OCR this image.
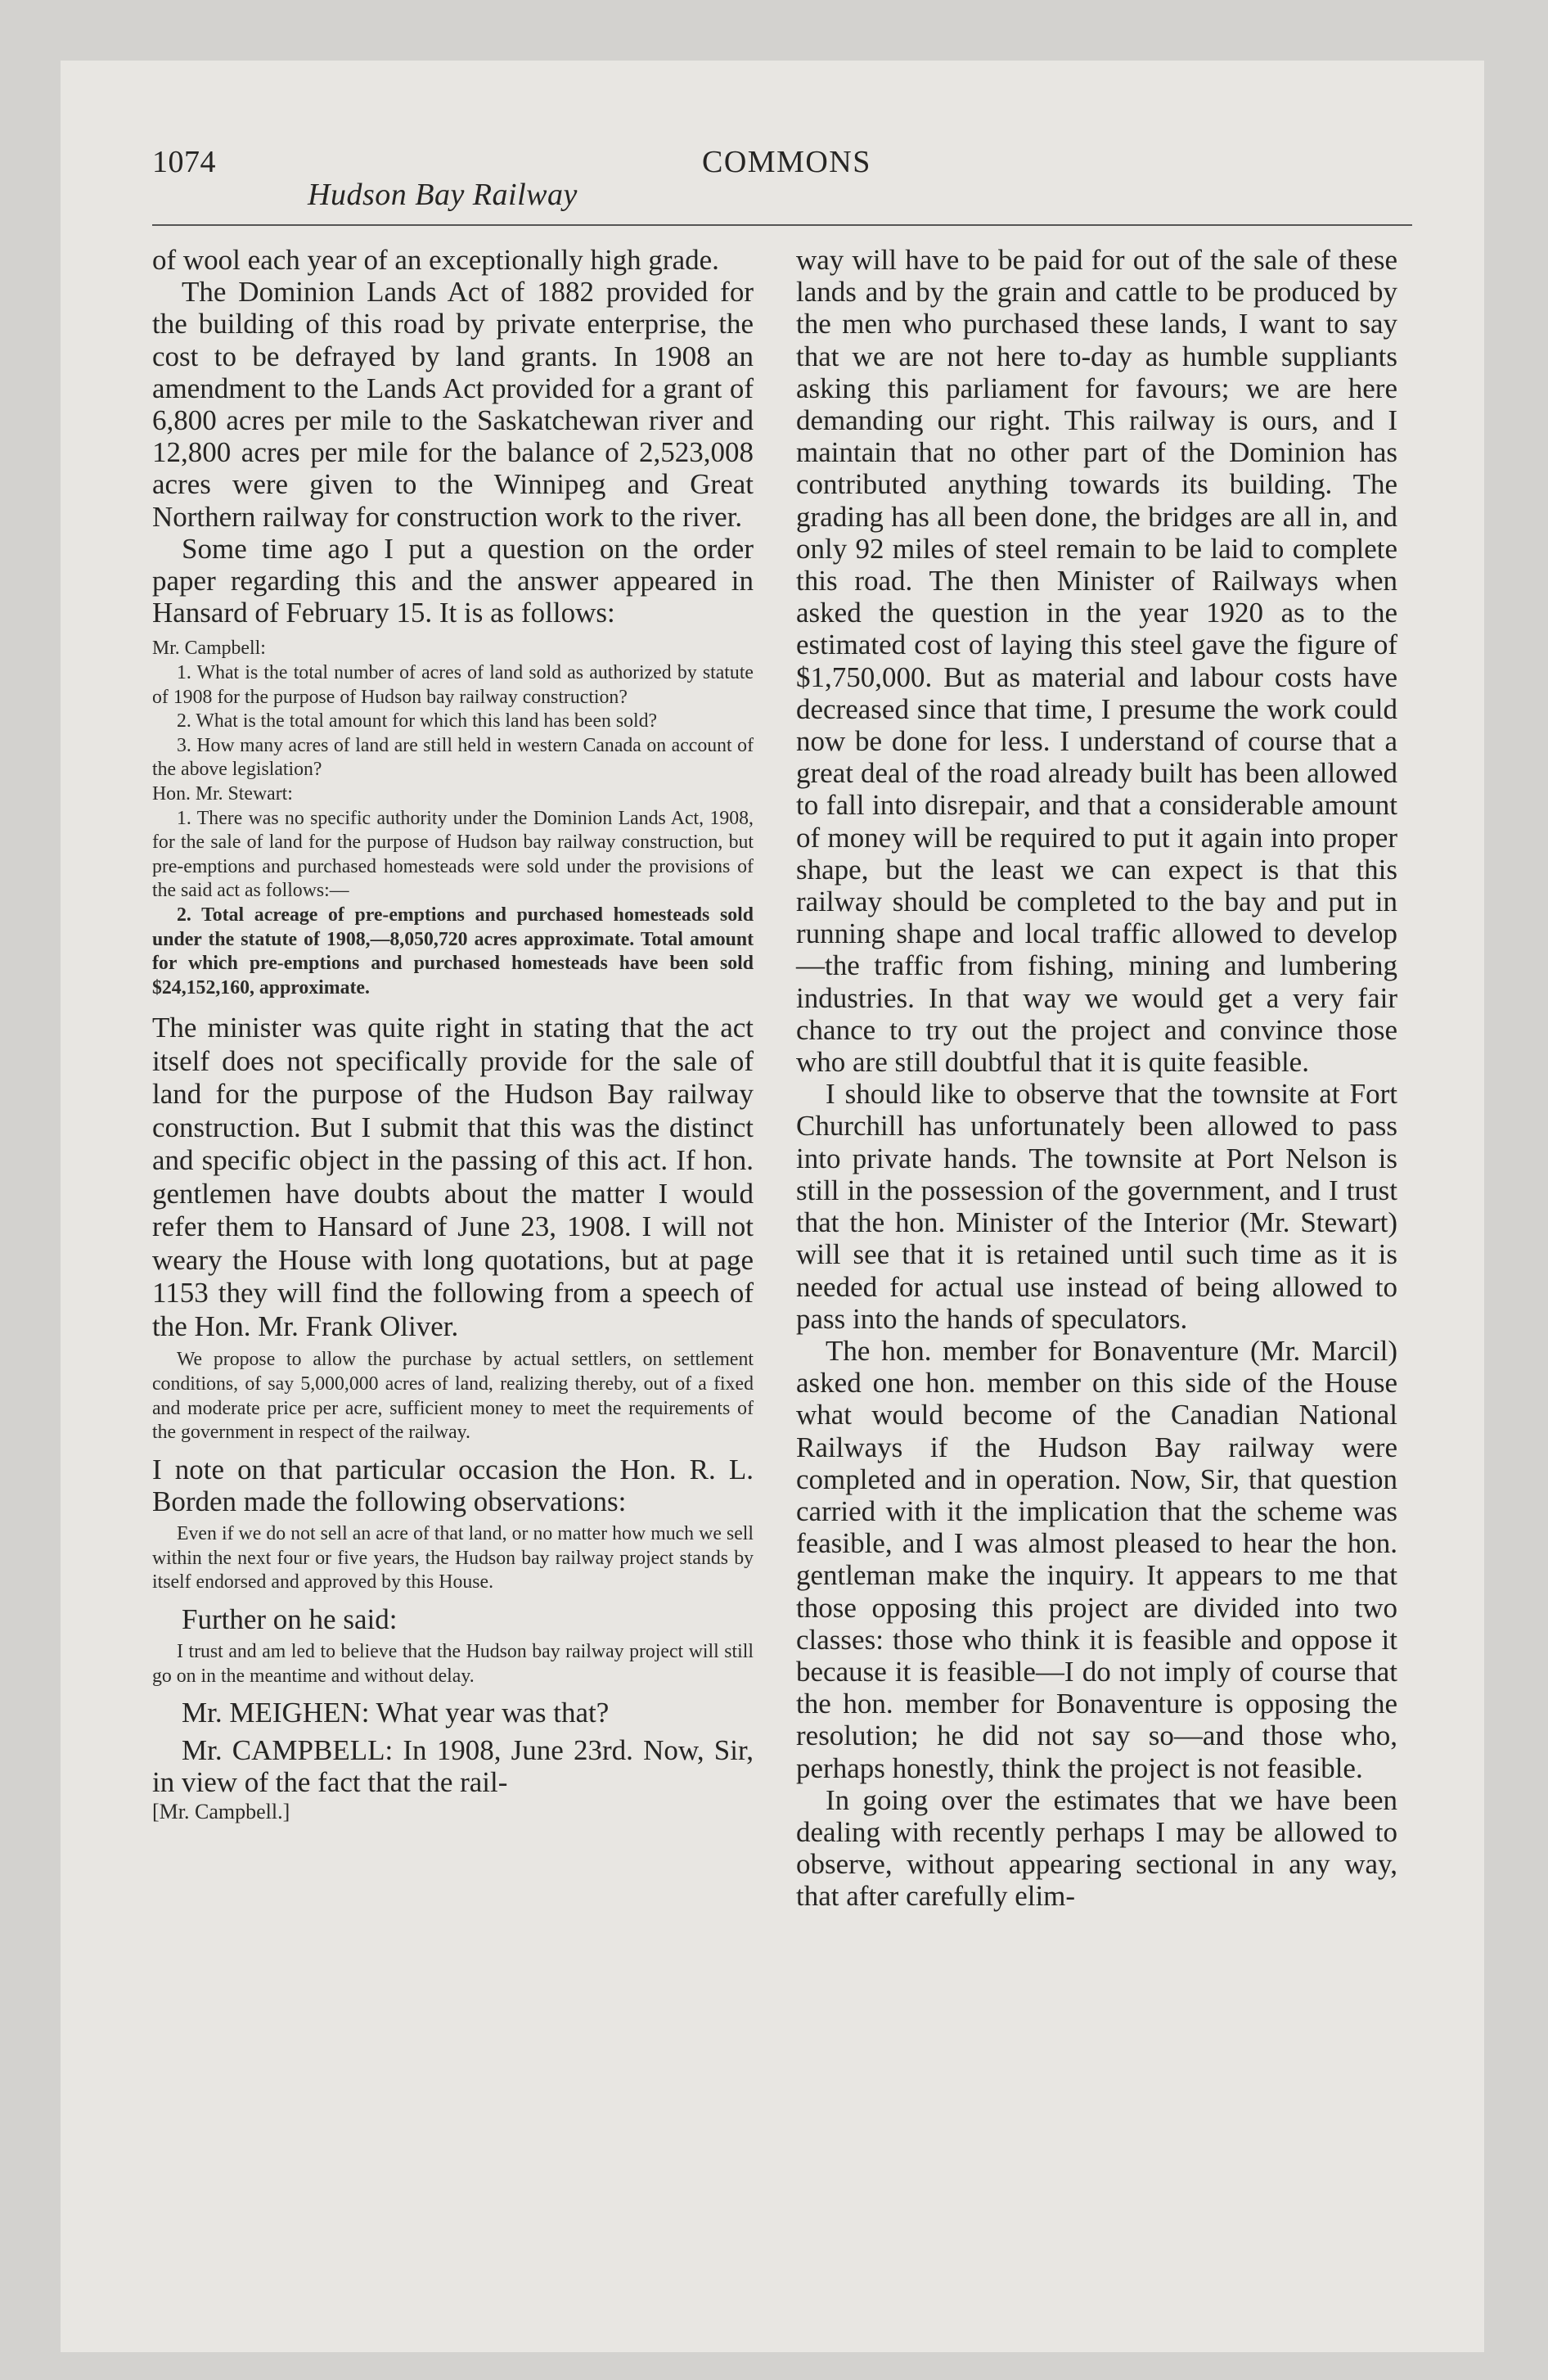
1074	COMMONS
Hudson Bay Railway

of wool each year of an exceptionally high grade.

The Dominion Lands Act of 1882 provided for the building of this road by private enterprise, the cost to be defrayed by land grants. In 1908 an amendment to the Lands Act provided for a grant of 6,800 acres per mile to the Saskatchewan river and 12,800 acres per mile for the balance of 2,523,008 acres were given to the Winnipeg and Great Northern railway for construction work to the river.

Some time ago I put a question on the order paper regarding this and the answer appeared in Hansard of February 15. It is as follows:

Mr. Campbell:

1. What is the total number of acres of land sold as authorized by statute of 1908 for the purpose of Hudson bay railway construction?

2. What is the total amount for which this land has been sold?

3. How many acres of land are still held in western Canada on account of the above legislation?

Hon. Mr. Stewart:

1. There was no specific authority under the Dominion Lands Act, 1908, for the sale of land for the purpose of Hudson bay railway construction, but pre-emptions and purchased homesteads were sold under the provisions of the said act as follows:—

2. Total acreage of pre-emptions and purchased homesteads sold under the statute of 1908,—8,050,720 acres approximate. Total amount for which pre-emptions and purchased homesteads have been sold $24,152,160, approximate.

The minister was quite right in stating that the act itself does not specifically provide for the sale of land for the purpose of the Hudson Bay railway construction. But I submit that this was the distinct and specific object in the passing of this act. If hon. gentlemen have doubts about the matter I would refer them to Hansard of June 23, 1908. I will not weary the House with long quotations, but at page 1153 they will find the following from a speech of the Hon. Mr. Frank Oliver.

We propose to allow the purchase by actual settlers, on settlement conditions, of say 5,000,000 acres of land, realizing thereby, out of a fixed and moderate price per acre, sufficient money to meet the requirements of the government in respect of the railway.

I note on that particular occasion the Hon. R. L. Borden made the following observations:

Even if we do not sell an acre of that land, or no matter how much we sell within the next four or five years, the Hudson bay railway project stands by itself endorsed and approved by this House.

Further on he said:

I trust and am led to believe that the Hudson bay railway project will still go on in the meantime and without delay.

Mr. MEIGHEN: What year was that?

Mr. CAMPBELL: In 1908, June 23rd. Now, Sir, in view of the fact that the rail-

[Mr. Campbell.]

way will have to be paid for out of the sale of these lands and by the grain and cattle to be produced by the men who purchased these lands, I want to say that we are not here to-day as humble suppliants asking this parliament for favours; we are here demanding our right. This railway is ours, and I maintain that no other part of the Dominion has contributed anything towards its building. The grading has all been done, the bridges are all in, and only 92 miles of steel remain to be laid to complete this road. The then Minister of Railways when asked the question in the year 1920 as to the estimated cost of laying this steel gave the figure of $1,750,000. But as material and labour costs have decreased since that time, I presume the work could now be done for less. I understand of course that a great deal of the road already built has been allowed to fall into disrepair, and that a considerable amount of money will be required to put it again into proper shape, but the least we can expect is that this railway should be completed to the bay and put in running shape and local traffic allowed to develop—the traffic from fishing, mining and lumbering industries. In that way we would get a very fair chance to try out the project and convince those who are still doubtful that it is quite feasible.

I should like to observe that the townsite at Fort Churchill has unfortunately been allowed to pass into private hands. The townsite at Port Nelson is still in the possession of the government, and I trust that the hon. Minister of the Interior (Mr. Stewart) will see that it is retained until such time as it is needed for actual use instead of being allowed to pass into the hands of speculators.

The hon. member for Bonaventure (Mr. Marcil) asked one hon. member on this side of the House what would become of the Canadian National Railways if the Hudson Bay railway were completed and in operation. Now, Sir, that question carried with it the implication that the scheme was feasible, and I was almost pleased to hear the hon. gentleman make the inquiry. It appears to me that those opposing this project are divided into two classes: those who think it is feasible and oppose it because it is feasible—I do not imply of course that the hon. member for Bonaventure is opposing the resolution; he did not say so—and those who, perhaps honestly, think the project is not feasible.

In going over the estimates that we have been dealing with recently perhaps I may be allowed to observe, without appearing sectional in any way, that after carefully elim-
